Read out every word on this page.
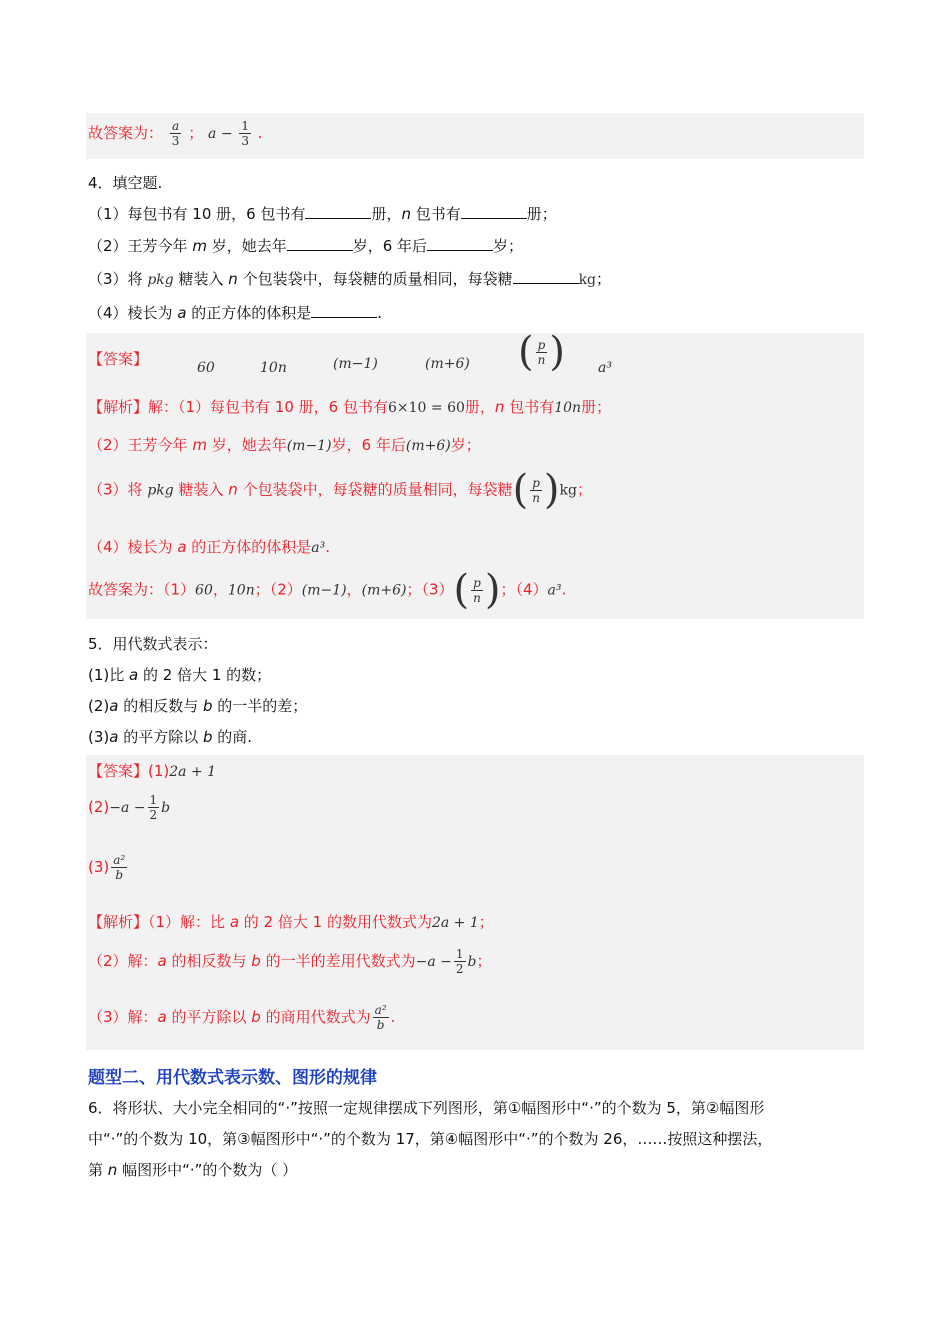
故答案为： $\frac{a}{3}$ ； $a - \frac{1}{3}$ .
4．填空题.
（1）每包书有 10 册，6 包书有	册，n 包书有	册；
（2）王芳今年 m 岁，她去年	岁，6 年后	岁；
（3）将 pkg 糖装入 n 个包装袋中，每袋糖的质量相同，每袋糖	kg；
（4）棱长为 a 的正方体的体积是	.
【答案】	60	10n	(m−1)	(m+6) ( $\frac{p}{n}$ ) a³
【解析】解：（1）每包书有 10 册，6 包书有6×10 = 60册，n 包书有10n册；
（2）王芳今年 m 岁，她去年(m−1)岁，6 年后(m+6)岁；
（3）将 pkg 糖装入 n 个包装袋中，每袋糖的质量相同，每袋糖 ( $\frac{p}{n}$ ) kg；
（4）棱长为 a 的正方体的体积是a³.
故答案为：（1）60，10n；（2）(m−1)，(m+6)；（3） ( $\frac{p}{n}$ ) ；（4）a³.
5．用代数式表示：
(1)比 a 的 2 倍大 1 的数；
(2)a 的相反数与 b 的一半的差；
(3)a 的平方除以 b 的商.
【答案】(1)2a + 1
$(2)-a - \frac{1}{2}$ b
$(3) \frac{\text{a²}}{b}$
【解析】（1）解：比 a 的 2 倍大 1 的数用代数式为2a + 1；
（2）解：a 的相反数与 b 的一半的差用代数式为$-a - \frac{1}{2}$ b；
（3）解：a 的平方除以 b 的商用代数式为 $\frac{\text{a²}}{b}$ .
题型二、用代数式表示数、图形的规律
6．将形状、大小完全相同的“·”按照一定规律摆成下列图形，第①幅图形中“·”的个数为 5，第②幅图形
中“·”的个数为 10，第③幅图形中“·”的个数为 17，第④幅图形中“·”的个数为 26，……按照这种摆法，
第 n 幅图形中“·”的个数为（ ）
